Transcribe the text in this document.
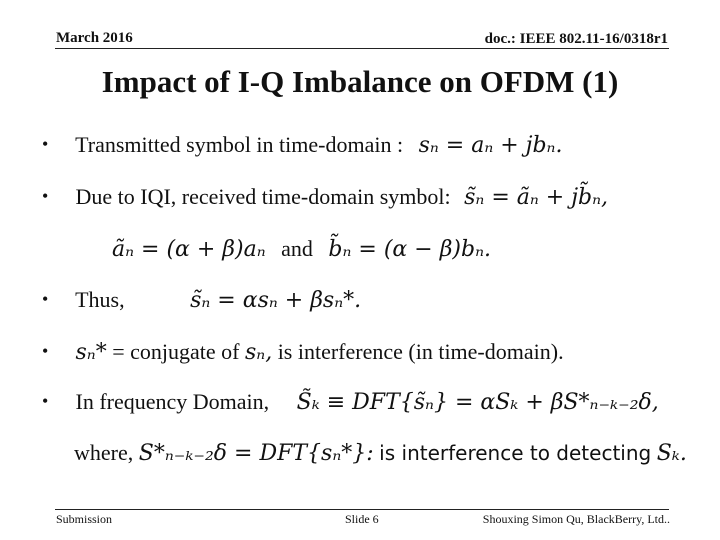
March 2016	doc.: IEEE 802.11-16/0318r1
Impact of I-Q Imbalance on OFDM (1)
• Transmitted symbol in time-domain : sₙ = aₙ + jbₙ.
• Due to IQI, received time-domain symbol: s̃ₙ = ãₙ + jb̃ₙ,
ãₙ = (α + β)aₙ and b̃ₙ = (α − β)bₙ.
• Thus,	s̃ₙ = αsₙ + βsₙ*.
• sₙ* = conjugate of sₙ, is interference (in time-domain).
• In frequency Domain, S̃ₖ ≡ DFT{s̃ₙ} = αSₖ + βS*ₙ₋ₖ₋₂δ,
where, S*ₙ₋ₖ₋₂δ = DFT{sₙ*}: is interference to detecting Sₖ.
Submission	Slide 6	Shouxing Simon Qu, BlackBerry, Ltd..
